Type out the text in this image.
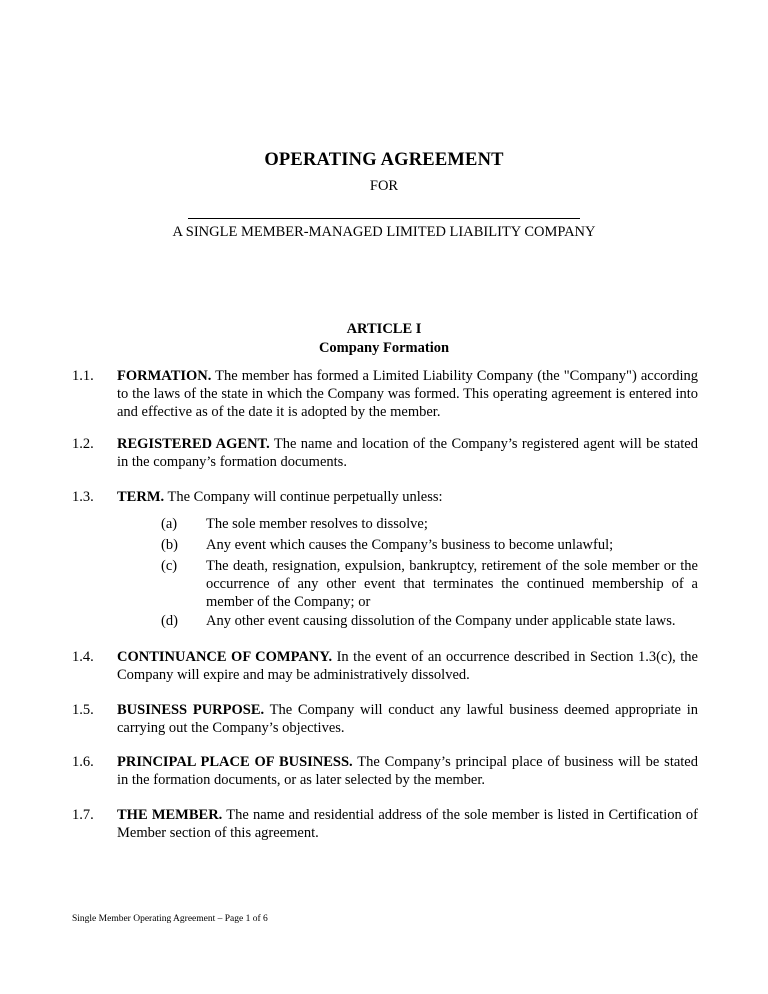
OPERATING AGREEMENT
FOR
A SINGLE MEMBER-MANAGED LIMITED LIABILITY COMPANY
ARTICLE I
Company Formation
1.1. FORMATION. The member has formed a Limited Liability Company (the "Company") according to the laws of the state in which the Company was formed. This operating agreement is entered into and effective as of the date it is adopted by the member.
1.2. REGISTERED AGENT. The name and location of the Company’s registered agent will be stated in the company’s formation documents.
1.3. TERM. The Company will continue perpetually unless:
(a) The sole member resolves to dissolve;
(b) Any event which causes the Company’s business to become unlawful;
(c) The death, resignation, expulsion, bankruptcy, retirement of the sole member or the occurrence of any other event that terminates the continued membership of a member of the Company; or
(d) Any other event causing dissolution of the Company under applicable state laws.
1.4. CONTINUANCE OF COMPANY. In the event of an occurrence described in Section 1.3(c), the Company will expire and may be administratively dissolved.
1.5. BUSINESS PURPOSE. The Company will conduct any lawful business deemed appropriate in carrying out the Company’s objectives.
1.6. PRINCIPAL PLACE OF BUSINESS. The Company’s principal place of business will be stated in the formation documents, or as later selected by the member.
1.7. THE MEMBER. The name and residential address of the sole member is listed in Certification of Member section of this agreement.
Single Member Operating Agreement – Page 1 of 6
